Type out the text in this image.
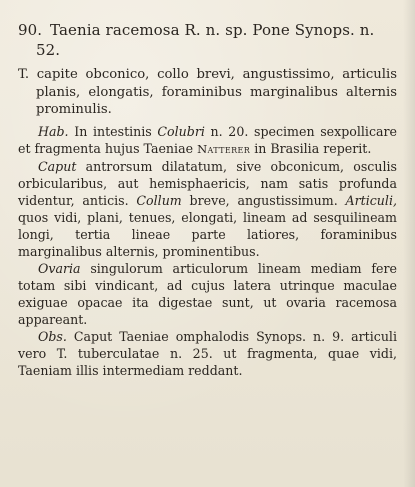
90. Taenia racemosa R. n. sp. Pone Synops. n. 52.

T. capite obconico, collo brevi, angustissimo, articulis planis, elongatis, foraminibus marginalibus alternis prominulis.

Hab. In intestinis Colubri n. 20. specimen sexpollicare et fragmenta hujus Taeniae Natterer in Brasilia reperit.

Caput antrorsum dilatatum, sive obconicum, osculis orbicularibus, aut hemisphaericis, nam satis profunda videntur, anticis. Collum breve, angustissimum. Articuli, quos vidi, plani, tenues, elongati, lineam ad sesquilineam longi, tertia lineae parte latiores, foraminibus marginalibus alternis, prominentibus.

Ovaria singulorum articulorum lineam mediam fere totam sibi vindicant, ad cujus latera utrinque maculae exiguae opacae ita digestae sunt, ut ovaria racemosa appareant.

Obs. Caput Taeniae omphalodis Synops. n. 9. articuli vero T. tuberculatae n. 25. ut fragmenta, quae vidi, Taeniam illis intermediam reddant.
